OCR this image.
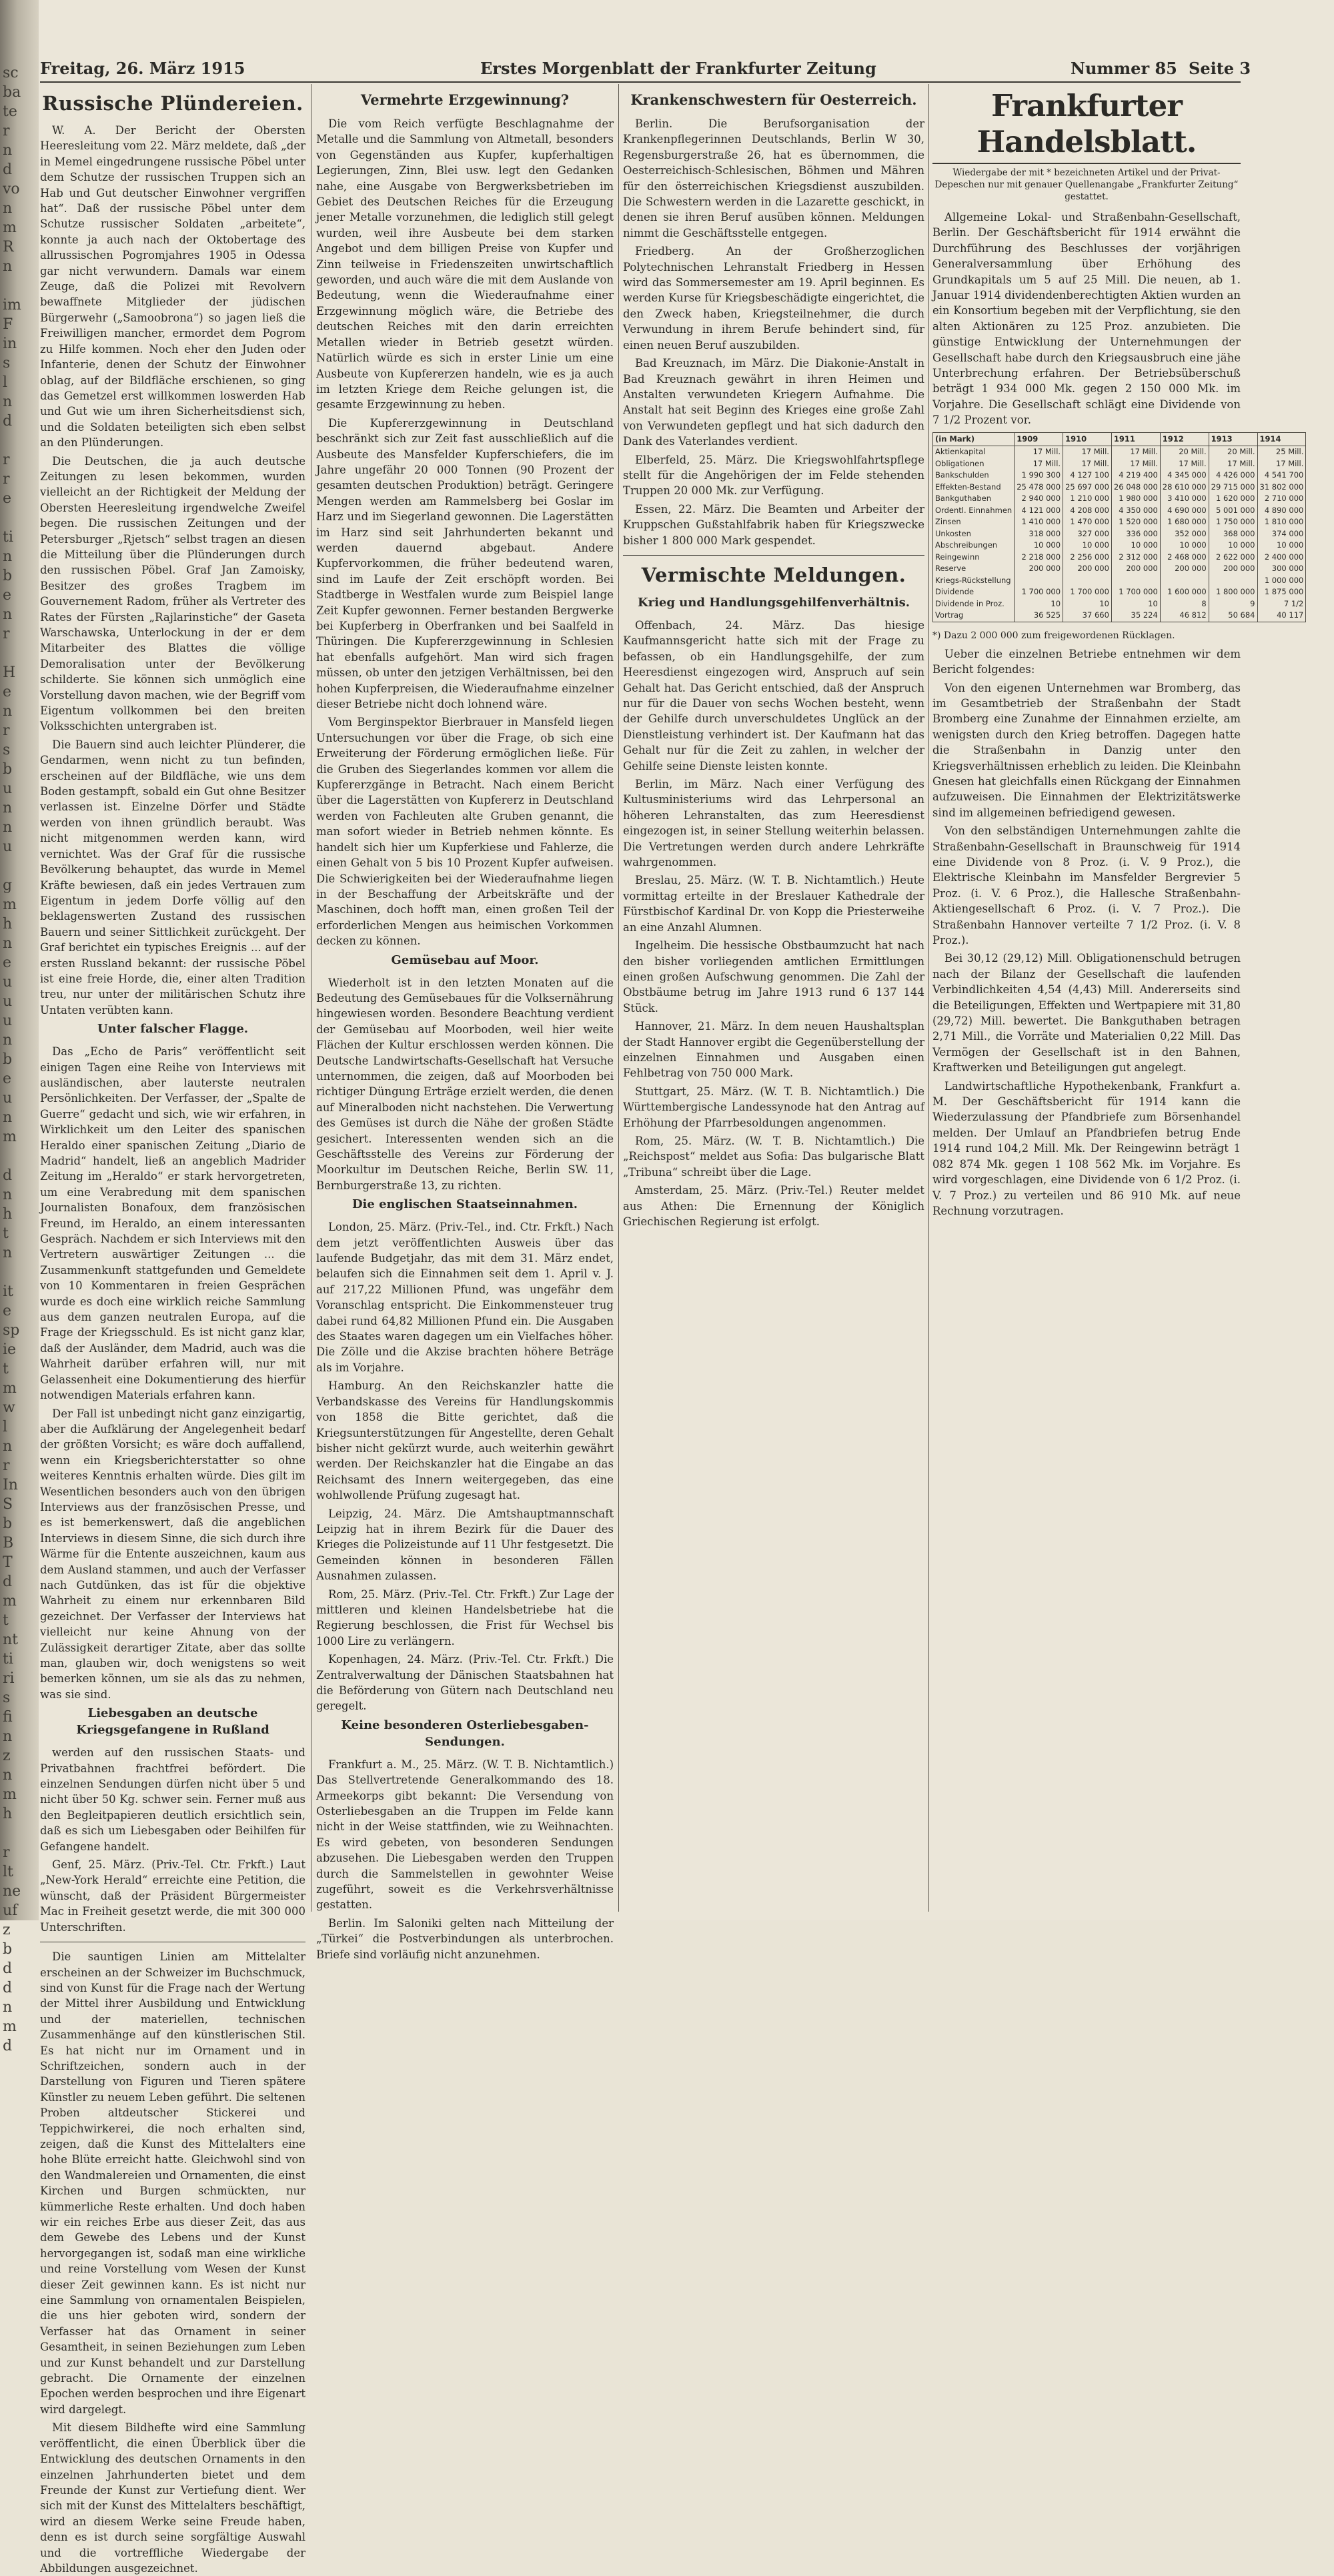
sc
ba
te
r
n
d
vo
n
m
R
n

im
F
in
s
l
n
d

r
r
e

ti
n
b
e
n
r

H
e
n
r
s
b
u
n
n
u

g
m
h
n
e
u
u
u
n
b
e
u
n
m

d
n
h
t
n

it
e
sp
ie
t
m
w
l
n
r
In
S
b
B
T
d
m
t
nt
ti
ri
s
fi
n
z
n
m
h

r
lt
ne
uf
z
b
d
d
n
m
d
Freitag, 26. März 1915	Erstes Morgenblatt der Frankfurter Zeitung	Nummer 85 Seite 3
Russische Plündereien.

W. A. Der Bericht der Obersten Heeresleitung vom 22. März meldete, daß „der in Memel eingedrungene russische Pöbel unter dem Schutze der russischen Truppen sich an Hab und Gut deutscher Einwohner vergriffen hat“. Daß der russische Pöbel unter dem Schutze russischer Soldaten „arbeitete“, konnte ja auch nach der Oktobertage des allrussischen Pogromjahres 1905 in Odessa gar nicht verwundern. Damals war einem Zeuge, daß die Polizei mit Revolvern bewaffnete Mitglieder der jüdischen Bürgerwehr („Samoobrona“) so jagen ließ die Freiwilligen mancher, ermordet dem Pogrom zu Hilfe kommen. Noch eher den Juden oder Infanterie, denen der Schutz der Einwohner oblag, auf der Bildfläche erschienen, so ging das Gemetzel erst willkommen loswerden Hab und Gut wie um ihren Sicherheitsdienst sich, und die Soldaten beteiligten sich eben selbst an den Plünderungen.

Die Deutschen, die ja auch deutsche Zeitungen zu lesen bekommen, wurden vielleicht an der Richtigkeit der Meldung der Obersten Heeresleitung irgendwelche Zweifel begen. Die russischen Zeitungen und der Petersburger „Rjetsch“ selbst tragen an diesen die Mitteilung über die Plünderungen durch den russischen Pöbel. Graf Jan Zamoisky, Besitzer des großes Tragbem im Gouvernement Radom, früher als Vertreter des Rates der Fürsten „Rajlarinstiche“ der Gaseta Warschawska, Unterlockung in der er dem Mitarbeiter des Blattes die völlige Demoralisation unter der Bevölkerung schilderte. Sie können sich unmöglich eine Vorstellung davon machen, wie der Begriff vom Eigentum vollkommen bei den breiten Volksschichten untergraben ist.

Die Bauern sind auch leichter Plünderer, die Gendarmen, wenn nicht zu tun befinden, erscheinen auf der Bildfläche, wie uns dem Boden gestampft, sobald ein Gut ohne Besitzer verlassen ist. Einzelne Dörfer und Städte werden von ihnen gründlich beraubt. Was nicht mitgenommen werden kann, wird vernichtet. Was der Graf für die russische Bevölkerung behauptet, das wurde in Memel Kräfte bewiesen, daß ein jedes Vertrauen zum Eigentum in jedem Dorfe völlig auf den beklagenswerten Zustand des russischen Bauern und seiner Sittlichkeit zurückgeht. Der Graf berichtet ein typisches Ereignis ... auf der ersten Russland bekannt: der russische Pöbel ist eine freie Horde, die, einer alten Tradition treu, nur unter der militärischen Schutz ihre Untaten verübten kann.

Unter falscher Flagge.

Das „Echo de Paris“ veröffentlicht seit einigen Tagen eine Reihe von Interviews mit ausländischen, aber lauterste neutralen Persönlichkeiten. Der Verfasser, der „Spalte de Guerre“ gedacht und sich, wie wir erfahren, in Wirklichkeit um den Leiter des spanischen Heraldo einer spanischen Zeitung „Diario de Madrid“ handelt, ließ an angeblich Madrider Zeitung im „Heraldo“ er stark hervorgetreten, um eine Verabredung mit dem spanischen Journalisten Bonafoux, dem französischen Freund, im Heraldo, an einem interessanten Gespräch. Nachdem er sich Interviews mit den Vertretern auswärtiger Zeitungen ... die Zusammenkunft stattgefunden und Gemeldete von 10 Kommentaren in freien Gesprächen wurde es doch eine wirklich reiche Sammlung aus dem ganzen neutralen Europa, auf die Frage der Kriegsschuld. Es ist nicht ganz klar, daß der Ausländer, dem Madrid, auch was die Wahrheit darüber erfahren will, nur mit Gelassenheit eine Dokumentierung des hierfür notwendigen Materials erfahren kann.

Der Fall ist unbedingt nicht ganz einzigartig, aber die Aufklärung der Angelegenheit bedarf der größten Vorsicht; es wäre doch auffallend, wenn ein Kriegsberichterstatter so ohne weiteres Kenntnis erhalten würde. Dies gilt im Wesentlichen besonders auch von den übrigen Interviews aus der französischen Presse, und es ist bemerkenswert, daß die angeblichen Interviews in diesem Sinne, die sich durch ihre Wärme für die Entente auszeichnen, kaum aus dem Ausland stammen, und auch der Verfasser nach Gutdünken, das ist für die objektive Wahrheit zu einem nur erkennbaren Bild gezeichnet. Der Verfasser der Interviews hat vielleicht nur keine Ahnung von der Zulässigkeit derartiger Zitate, aber das sollte man, glauben wir, doch wenigstens so weit bemerken können, um sie als das zu nehmen, was sie sind.

Liebesgaben an deutsche Kriegsgefangene in Rußland

werden auf den russischen Staats- und Privatbahnen frachtfrei befördert. Die einzelnen Sendungen dürfen nicht über 5 und nicht über 50 Kg. schwer sein. Ferner muß aus den Begleitpapieren deutlich ersichtlich sein, daß es sich um Liebesgaben oder Beihilfen für Gefangene handelt.

Genf, 25. März. (Priv.-Tel. Ctr. Frkft.) Laut „New-York Herald“ erreichte eine Petition, die wünscht, daß der Präsident Bürgermeister Mac in Freiheit gesetzt werde, die mit 300 000 Unterschriften.

Die sauntigen Linien am Mittelalter erscheinen an der Schweizer im Buchschmuck, sind von Kunst für die Frage nach der Wertung der Mittel ihrer Ausbildung und Entwicklung und der materiellen, technischen Zusammenhänge auf den künstlerischen Stil. Es hat nicht nur im Ornament und in Schriftzeichen, sondern auch in der Darstellung von Figuren und Tieren spätere Künstler zu neuem Leben geführt. Die seltenen Proben altdeutscher Stickerei und Teppichwirkerei, die noch erhalten sind, zeigen, daß die Kunst des Mittelalters eine hohe Blüte erreicht hatte. Gleichwohl sind von den Wandmalereien und Ornamenten, die einst Kirchen und Burgen schmückten, nur kümmerliche Reste erhalten. Und doch haben wir ein reiches Erbe aus dieser Zeit, das aus dem Gewebe des Lebens und der Kunst hervorgegangen ist, sodaß man eine wirkliche und reine Vorstellung vom Wesen der Kunst dieser Zeit gewinnen kann. Es ist nicht nur eine Sammlung von ornamentalen Beispielen, die uns hier geboten wird, sondern der Verfasser hat das Ornament in seiner Gesamtheit, in seinen Beziehungen zum Leben und zur Kunst behandelt und zur Darstellung gebracht. Die Ornamente der einzelnen Epochen werden besprochen und ihre Eigenart wird dargelegt.

Mit diesem Bildhefte wird eine Sammlung veröffentlicht, die einen Überblick über die Entwicklung des deutschen Ornaments in den einzelnen Jahrhunderten bietet und dem Freunde der Kunst zur Vertiefung dient. Wer sich mit der Kunst des Mittelalters beschäftigt, wird an diesem Werke seine Freude haben, denn es ist durch seine sorgfältige Auswahl und die vortreffliche Wiedergabe der Abbildungen ausgezeichnet.

Vermehrte Erzgewinnung?

Die vom Reich verfügte Beschlagnahme der Metalle und die Sammlung von Altmetall, besonders von Gegenständen aus Kupfer, kupferhaltigen Legierungen, Zinn, Blei usw. legt den Gedanken nahe, eine Ausgabe von Bergwerksbetrieben im Gebiet des Deutschen Reiches für die Erzeugung jener Metalle vorzunehmen, die lediglich still gelegt wurden, weil ihre Ausbeute bei dem starken Angebot und dem billigen Preise von Kupfer und Zinn teilweise in Friedenszeiten unwirtschaftlich geworden, und auch wäre die mit dem Auslande von Bedeutung, wenn die Wiederaufnahme einer Erzgewinnung möglich wäre, die Betriebe des deutschen Reiches mit den darin erreichten Metallen wieder in Betrieb gesetzt würden. Natürlich würde es sich in erster Linie um eine Ausbeute von Kupfererzen handeln, wie es ja auch im letzten Kriege dem Reiche gelungen ist, die gesamte Erzgewinnung zu heben.

Die Kupfererzgewinnung in Deutschland beschränkt sich zur Zeit fast ausschließlich auf die Ausbeute des Mansfelder Kupferschiefers, die im Jahre ungefähr 20 000 Tonnen (90 Prozent der gesamten deutschen Produktion) beträgt. Geringere Mengen werden am Rammelsberg bei Goslar im Harz und im Siegerland gewonnen. Die Lagerstätten im Harz sind seit Jahrhunderten bekannt und werden dauernd abgebaut. Andere Kupfervorkommen, die früher bedeutend waren, sind im Laufe der Zeit erschöpft worden. Bei Stadtberge in Westfalen wurde zum Beispiel lange Zeit Kupfer gewonnen. Ferner bestanden Bergwerke bei Kupferberg in Oberfranken und bei Saalfeld in Thüringen. Die Kupfererzgewinnung in Schlesien hat ebenfalls aufgehört. Man wird sich fragen müssen, ob unter den jetzigen Verhältnissen, bei den hohen Kupferpreisen, die Wiederaufnahme einzelner dieser Betriebe nicht doch lohnend wäre.

Vom Berginspektor Bierbrauer in Mansfeld liegen Untersuchungen vor über die Frage, ob sich eine Erweiterung der Förderung ermöglichen ließe. Für die Gruben des Siegerlandes kommen vor allem die Kupfererzgänge in Betracht. Nach einem Bericht über die Lagerstätten von Kupfererz in Deutschland werden von Fachleuten alte Gruben genannt, die man sofort wieder in Betrieb nehmen könnte. Es handelt sich hier um Kupferkiese und Fahlerze, die einen Gehalt von 5 bis 10 Prozent Kupfer aufweisen. Die Schwierigkeiten bei der Wiederaufnahme liegen in der Beschaffung der Arbeitskräfte und der Maschinen, doch hofft man, einen großen Teil der erforderlichen Mengen aus heimischen Vorkommen decken zu können.

Gemüsebau auf Moor.

Wiederholt ist in den letzten Monaten auf die Bedeutung des Gemüsebaues für die Volksernährung hingewiesen worden. Besondere Beachtung verdient der Gemüsebau auf Moorboden, weil hier weite Flächen der Kultur erschlossen werden können. Die Deutsche Landwirtschafts-Gesellschaft hat Versuche unternommen, die zeigen, daß auf Moorboden bei richtiger Düngung Erträge erzielt werden, die denen auf Mineralboden nicht nachstehen. Die Verwertung des Gemüses ist durch die Nähe der großen Städte gesichert. Interessenten wenden sich an die Geschäftsstelle des Vereins zur Förderung der Moorkultur im Deutschen Reiche, Berlin SW. 11, Bernburgerstraße 13, zu richten.

Die englischen Staatseinnahmen.

London, 25. März. (Priv.-Tel., ind. Ctr. Frkft.) Nach dem jetzt veröffentlichten Ausweis über das laufende Budgetjahr, das mit dem 31. März endet, belaufen sich die Einnahmen seit dem 1. April v. J. auf 217,22 Millionen Pfund, was ungefähr dem Voranschlag entspricht. Die Einkommensteuer trug dabei rund 64,82 Millionen Pfund ein. Die Ausgaben des Staates waren dagegen um ein Vielfaches höher. Die Zölle und die Akzise brachten höhere Beträge als im Vorjahre.

Hamburg. An den Reichskanzler hatte die Verbandskasse des Vereins für Handlungskommis von 1858 die Bitte gerichtet, daß die Kriegsunterstützungen für Angestellte, deren Gehalt bisher nicht gekürzt wurde, auch weiterhin gewährt werden. Der Reichskanzler hat die Eingabe an das Reichsamt des Innern weitergegeben, das eine wohlwollende Prüfung zugesagt hat.

Leipzig, 24. März. Die Amtshauptmannschaft Leipzig hat in ihrem Bezirk für die Dauer des Krieges die Polizeistunde auf 11 Uhr festgesetzt. Die Gemeinden können in besonderen Fällen Ausnahmen zulassen.

Rom, 25. März. (Priv.-Tel. Ctr. Frkft.) Zur Lage der mittleren und kleinen Handelsbetriebe hat die Regierung beschlossen, die Frist für Wechsel bis 1000 Lire zu verlängern.

Kopenhagen, 24. März. (Priv.-Tel. Ctr. Frkft.) Die Zentralverwaltung der Dänischen Staatsbahnen hat die Beförderung von Gütern nach Deutschland neu geregelt.

Keine besonderen Osterliebesgaben-Sendungen.

Frankfurt a. M., 25. März. (W. T. B. Nichtamtlich.) Das Stellvertretende Generalkommando des 18. Armeekorps gibt bekannt: Die Versendung von Osterliebesgaben an die Truppen im Felde kann nicht in der Weise stattfinden, wie zu Weihnachten. Es wird gebeten, von besonderen Sendungen abzusehen. Die Liebesgaben werden den Truppen durch die Sammelstellen in gewohnter Weise zugeführt, soweit es die Verkehrsverhältnisse gestatten.

Berlin. Im Saloniki gelten nach Mitteilung der „Türkei“ die Postverbindungen als unterbrochen. Briefe sind vorläufig nicht anzunehmen.

Krankenschwestern für Oesterreich.

Berlin. Die Berufsorganisation der Krankenpflegerinnen Deutschlands, Berlin W 30, Regensburgerstraße 26, hat es übernommen, die Oesterreichisch-Schlesischen, Böhmen und Mähren für den österreichischen Kriegsdienst auszubilden. Die Schwestern werden in die Lazarette geschickt, in denen sie ihren Beruf ausüben können. Meldungen nimmt die Geschäftsstelle entgegen.

Friedberg. An der Großherzoglichen Polytechnischen Lehranstalt Friedberg in Hessen wird das Sommersemester am 19. April beginnen. Es werden Kurse für Kriegsbeschädigte eingerichtet, die den Zweck haben, Kriegsteilnehmer, die durch Verwundung in ihrem Berufe behindert sind, für einen neuen Beruf auszubilden.

Bad Kreuznach, im März. Die Diakonie-Anstalt in Bad Kreuznach gewährt in ihren Heimen und Anstalten verwundeten Kriegern Aufnahme. Die Anstalt hat seit Beginn des Krieges eine große Zahl von Verwundeten gepflegt und hat sich dadurch den Dank des Vaterlandes verdient.

Elberfeld, 25. März. Die Kriegswohlfahrtspflege stellt für die Angehörigen der im Felde stehenden Truppen 20 000 Mk. zur Verfügung.

Essen, 22. März. Die Beamten und Arbeiter der Kruppschen Gußstahlfabrik haben für Kriegszwecke bisher 1 800 000 Mark gespendet.

Vermischte Meldungen.
Krieg und Handlungsgehilfenverhältnis.

Offenbach, 24. März. Das hiesige Kaufmannsgericht hatte sich mit der Frage zu befassen, ob ein Handlungsgehilfe, der zum Heeresdienst eingezogen wird, Anspruch auf sein Gehalt hat. Das Gericht entschied, daß der Anspruch nur für die Dauer von sechs Wochen besteht, wenn der Gehilfe durch unverschuldetes Unglück an der Dienstleistung verhindert ist. Der Kaufmann hat das Gehalt nur für die Zeit zu zahlen, in welcher der Gehilfe seine Dienste leisten konnte.

Berlin, im März. Nach einer Verfügung des Kultusministeriums wird das Lehrpersonal an höheren Lehranstalten, das zum Heeresdienst eingezogen ist, in seiner Stellung weiterhin belassen. Die Vertretungen werden durch andere Lehrkräfte wahrgenommen.

Breslau, 25. März. (W. T. B. Nichtamtlich.) Heute vormittag erteilte in der Breslauer Kathedrale der Fürstbischof Kardinal Dr. von Kopp die Priesterweihe an eine Anzahl Alumnen.

Ingelheim. Die hessische Obstbaumzucht hat nach den bisher vorliegenden amtlichen Ermittlungen einen großen Aufschwung genommen. Die Zahl der Obstbäume betrug im Jahre 1913 rund 6 137 144 Stück.

Hannover, 21. März. In dem neuen Haushaltsplan der Stadt Hannover ergibt die Gegenüberstellung der einzelnen Einnahmen und Ausgaben einen Fehlbetrag von 750 000 Mark.

Stuttgart, 25. März. (W. T. B. Nichtamtlich.) Die Württembergische Landessynode hat den Antrag auf Erhöhung der Pfarrbesoldungen angenommen.

Rom, 25. März. (W. T. B. Nichtamtlich.) Die „Reichspost“ meldet aus Sofia: Das bulgarische Blatt „Tribuna“ schreibt über die Lage.

Amsterdam, 25. März. (Priv.-Tel.) Reuter meldet aus Athen: Die Ernennung der Königlich Griechischen Regierung ist erfolgt.

Frankfurter Handelsblatt.
Wiedergabe der mit * bezeichneten Artikel und der Privat-Depeschen nur mit genauer Quellenangabe „Frankfurter Zeitung“ gestattet.

Allgemeine Lokal- und Straßenbahn-Gesellschaft, Berlin. Der Geschäftsbericht für 1914 erwähnt die Durchführung des Beschlusses der vorjährigen Generalversammlung über Erhöhung des Grundkapitals um 5 auf 25 Mill. Die neuen, ab 1. Januar 1914 dividendenberechtigten Aktien wurden an ein Konsortium begeben mit der Verpflichtung, sie den alten Aktionären zu 125 Proz. anzubieten. Die günstige Entwicklung der Unternehmungen der Gesellschaft habe durch den Kriegsausbruch eine jähe Unterbrechung erfahren. Der Betriebsüberschuß beträgt 1 934 000 Mk. gegen 2 150 000 Mk. im Vorjahre. Die Gesellschaft schlägt eine Dividende von 7 1/2 Prozent vor.

(in Mark)	1909	1910	1911	1912	1913	1914
Aktienkapital	17 Mill.	17 Mill.	17 Mill.	20 Mill.	20 Mill.	25 Mill.
Obligationen	17 Mill.	17 Mill.	17 Mill.	17 Mill.	17 Mill.	17 Mill.
Bankschulden	1 990 300	4 127 100	4 219 400	4 345 000	4 426 000	4 541 700
Effekten-Bestand	25 478 000	25 697 000	26 048 000	28 610 000	29 715 000	31 802 000
Bankguthaben	2 940 000	1 210 000	1 980 000	3 410 000	1 620 000	2 710 000
Ordentl. Einnahmen	4 121 000	4 208 000	4 350 000	4 690 000	5 001 000	4 890 000
Zinsen	1 410 000	1 470 000	1 520 000	1 680 000	1 750 000	1 810 000
Unkosten	318 000	327 000	336 000	352 000	368 000	374 000
Abschreibungen	10 000	10 000	10 000	10 000	10 000	10 000
Reingewinn	2 218 000	2 256 000	2 312 000	2 468 000	2 622 000	2 400 000
Reserve	200 000	200 000	200 000	200 000	200 000	300 000
Kriegs-Rückstellung						1 000 000
Dividende	1 700 000	1 700 000	1 700 000	1 600 000	1 800 000	1 875 000
Dividende in Proz.	10	10	10	8	9	7 1/2
Vortrag	36 525	37 660	35 224	46 812	50 684	40 117
*) Dazu 2 000 000 zum freigewordenen Rücklagen.

Ueber die einzelnen Betriebe entnehmen wir dem Bericht folgendes:

Von den eigenen Unternehmen war Bromberg, das im Gesamtbetrieb der Straßenbahn der Stadt Bromberg eine Zunahme der Einnahmen erzielte, am wenigsten durch den Krieg betroffen. Dagegen hatte die Straßenbahn in Danzig unter den Kriegsverhältnissen erheblich zu leiden. Die Kleinbahn Gnesen hat gleichfalls einen Rückgang der Einnahmen aufzuweisen. Die Einnahmen der Elektrizitätswerke sind im allgemeinen befriedigend gewesen.

Von den selbständigen Unternehmungen zahlte die Straßenbahn-Gesellschaft in Braunschweig für 1914 eine Dividende von 8 Proz. (i. V. 9 Proz.), die Elektrische Kleinbahn im Mansfelder Bergrevier 5 Proz. (i. V. 6 Proz.), die Hallesche Straßenbahn-Aktiengesellschaft 6 Proz. (i. V. 7 Proz.). Die Straßenbahn Hannover verteilte 7 1/2 Proz. (i. V. 8 Proz.).

Bei 30,12 (29,12) Mill. Obligationenschuld betrugen nach der Bilanz der Gesellschaft die laufenden Verbindlichkeiten 4,54 (4,43) Mill. Andererseits sind die Beteiligungen, Effekten und Wertpapiere mit 31,80 (29,72) Mill. bewertet. Die Bankguthaben betragen 2,71 Mill., die Vorräte und Materialien 0,22 Mill. Das Vermögen der Gesellschaft ist in den Bahnen, Kraftwerken und Beteiligungen gut angelegt.

Landwirtschaftliche Hypothekenbank, Frankfurt a. M. Der Geschäftsbericht für 1914 kann die Wiederzulassung der Pfandbriefe zum Börsenhandel melden. Der Umlauf an Pfandbriefen betrug Ende 1914 rund 104,2 Mill. Mk. Der Reingewinn beträgt 1 082 874 Mk. gegen 1 108 562 Mk. im Vorjahre. Es wird vorgeschlagen, eine Dividende von 6 1/2 Proz. (i. V. 7 Proz.) zu verteilen und 86 910 Mk. auf neue Rechnung vorzutragen.
